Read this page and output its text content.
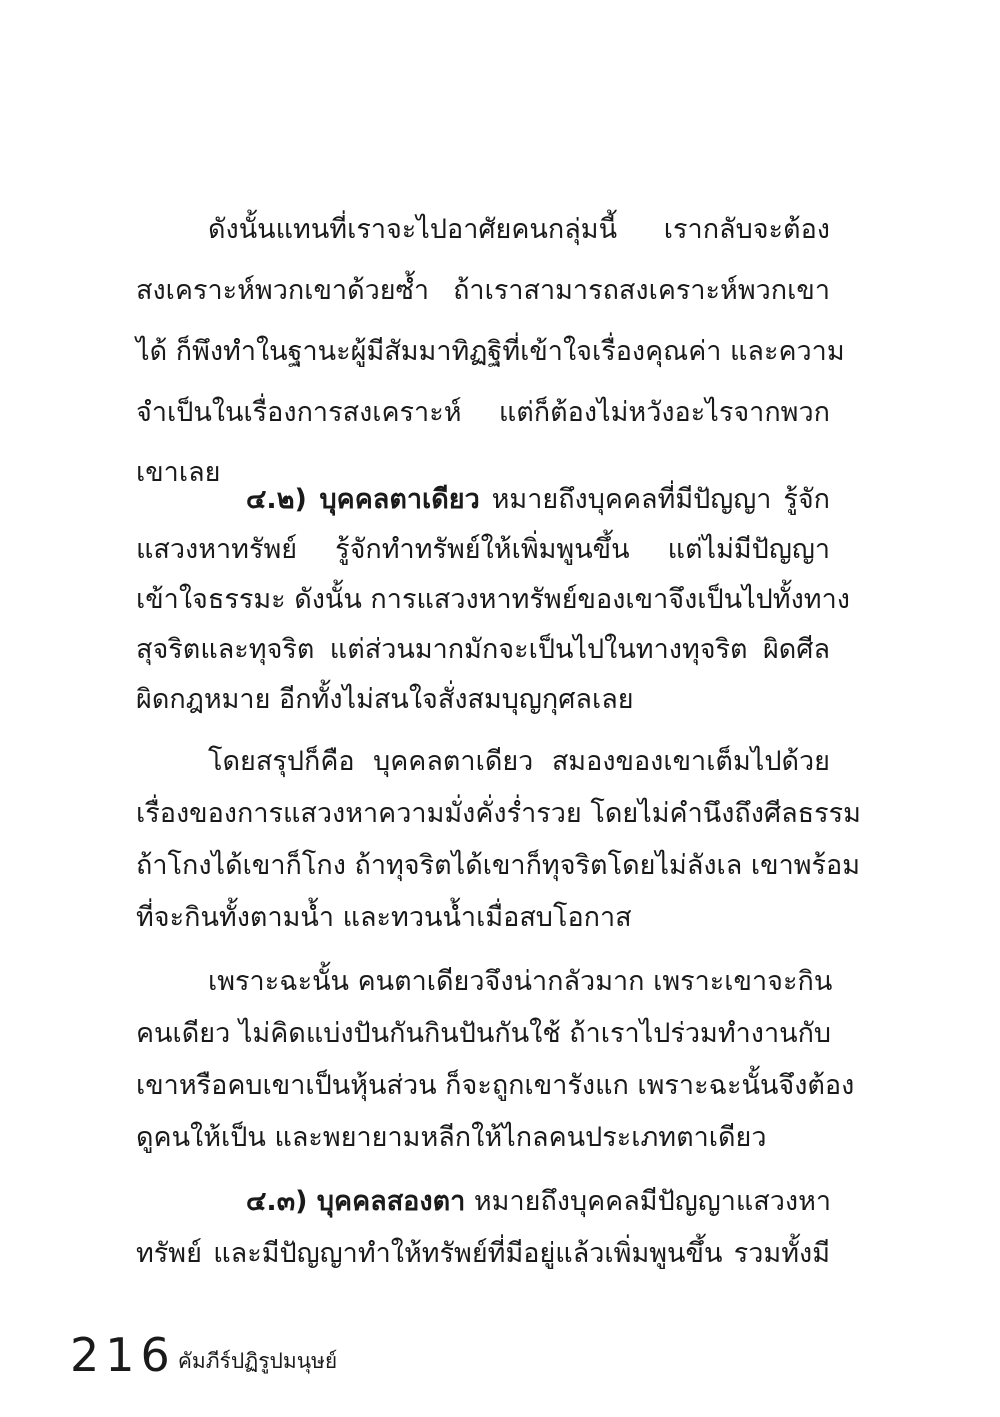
ดังนั้นแทนที่เราจะไปอาศัยคนกลุ่มนี้ เรากลับจะต้อง
สงเคราะห์พวกเขาด้วยซ้ำ ถ้าเราสามารถสงเคราะห์พวกเขา
ได้ ก็พึงทำในฐานะผู้มีสัมมาทิฏฐิที่เข้าใจเรื่องคุณค่า และความ
จำเป็นในเรื่องการสงเคราะห์ แต่ก็ต้องไม่หวังอะไรจากพวก
เขาเลย
๔.๒) บุคคลตาเดียว หมายถึงบุคคลที่มีปัญญา รู้จัก
แสวงหาทรัพย์ รู้จักทำทรัพย์ให้เพิ่มพูนขึ้น แต่ไม่มีปัญญา
เข้าใจธรรมะ ดังนั้น การแสวงหาทรัพย์ของเขาจึงเป็นไปทั้งทาง
สุจริตและทุจริต แต่ส่วนมากมักจะเป็นไปในทางทุจริต ผิดศีล
ผิดกฎหมาย อีกทั้งไม่สนใจสั่งสมบุญกุศลเลย
โดยสรุปก็คือ บุคคลตาเดียว สมองของเขาเต็มไปด้วย
เรื่องของการแสวงหาความมั่งคั่งร่ำรวย โดยไม่คำนึงถึงศีลธรรม
ถ้าโกงได้เขาก็โกง ถ้าทุจริตได้เขาก็ทุจริตโดยไม่ลังเล เขาพร้อม
ที่จะกินทั้งตามน้ำ และทวนน้ำเมื่อสบโอกาส
เพราะฉะนั้น คนตาเดียวจึงน่ากลัวมาก เพราะเขาจะกิน
คนเดียว ไม่คิดแบ่งปันกันกินปันกันใช้ ถ้าเราไปร่วมทำงานกับ
เขาหรือคบเขาเป็นหุ้นส่วน ก็จะถูกเขารังแก เพราะฉะนั้นจึงต้อง
ดูคนให้เป็น และพยายามหลีกให้ไกลคนประเภทตาเดียว
๔.๓) บุคคลสองตา หมายถึงบุคคลมีปัญญาแสวงหา
ทรัพย์ และมีปัญญาทำให้ทรัพย์ที่มีอยู่แล้วเพิ่มพูนขึ้น รวมทั้งมี
216 คัมภีร์ปฏิรูปมนุษย์
